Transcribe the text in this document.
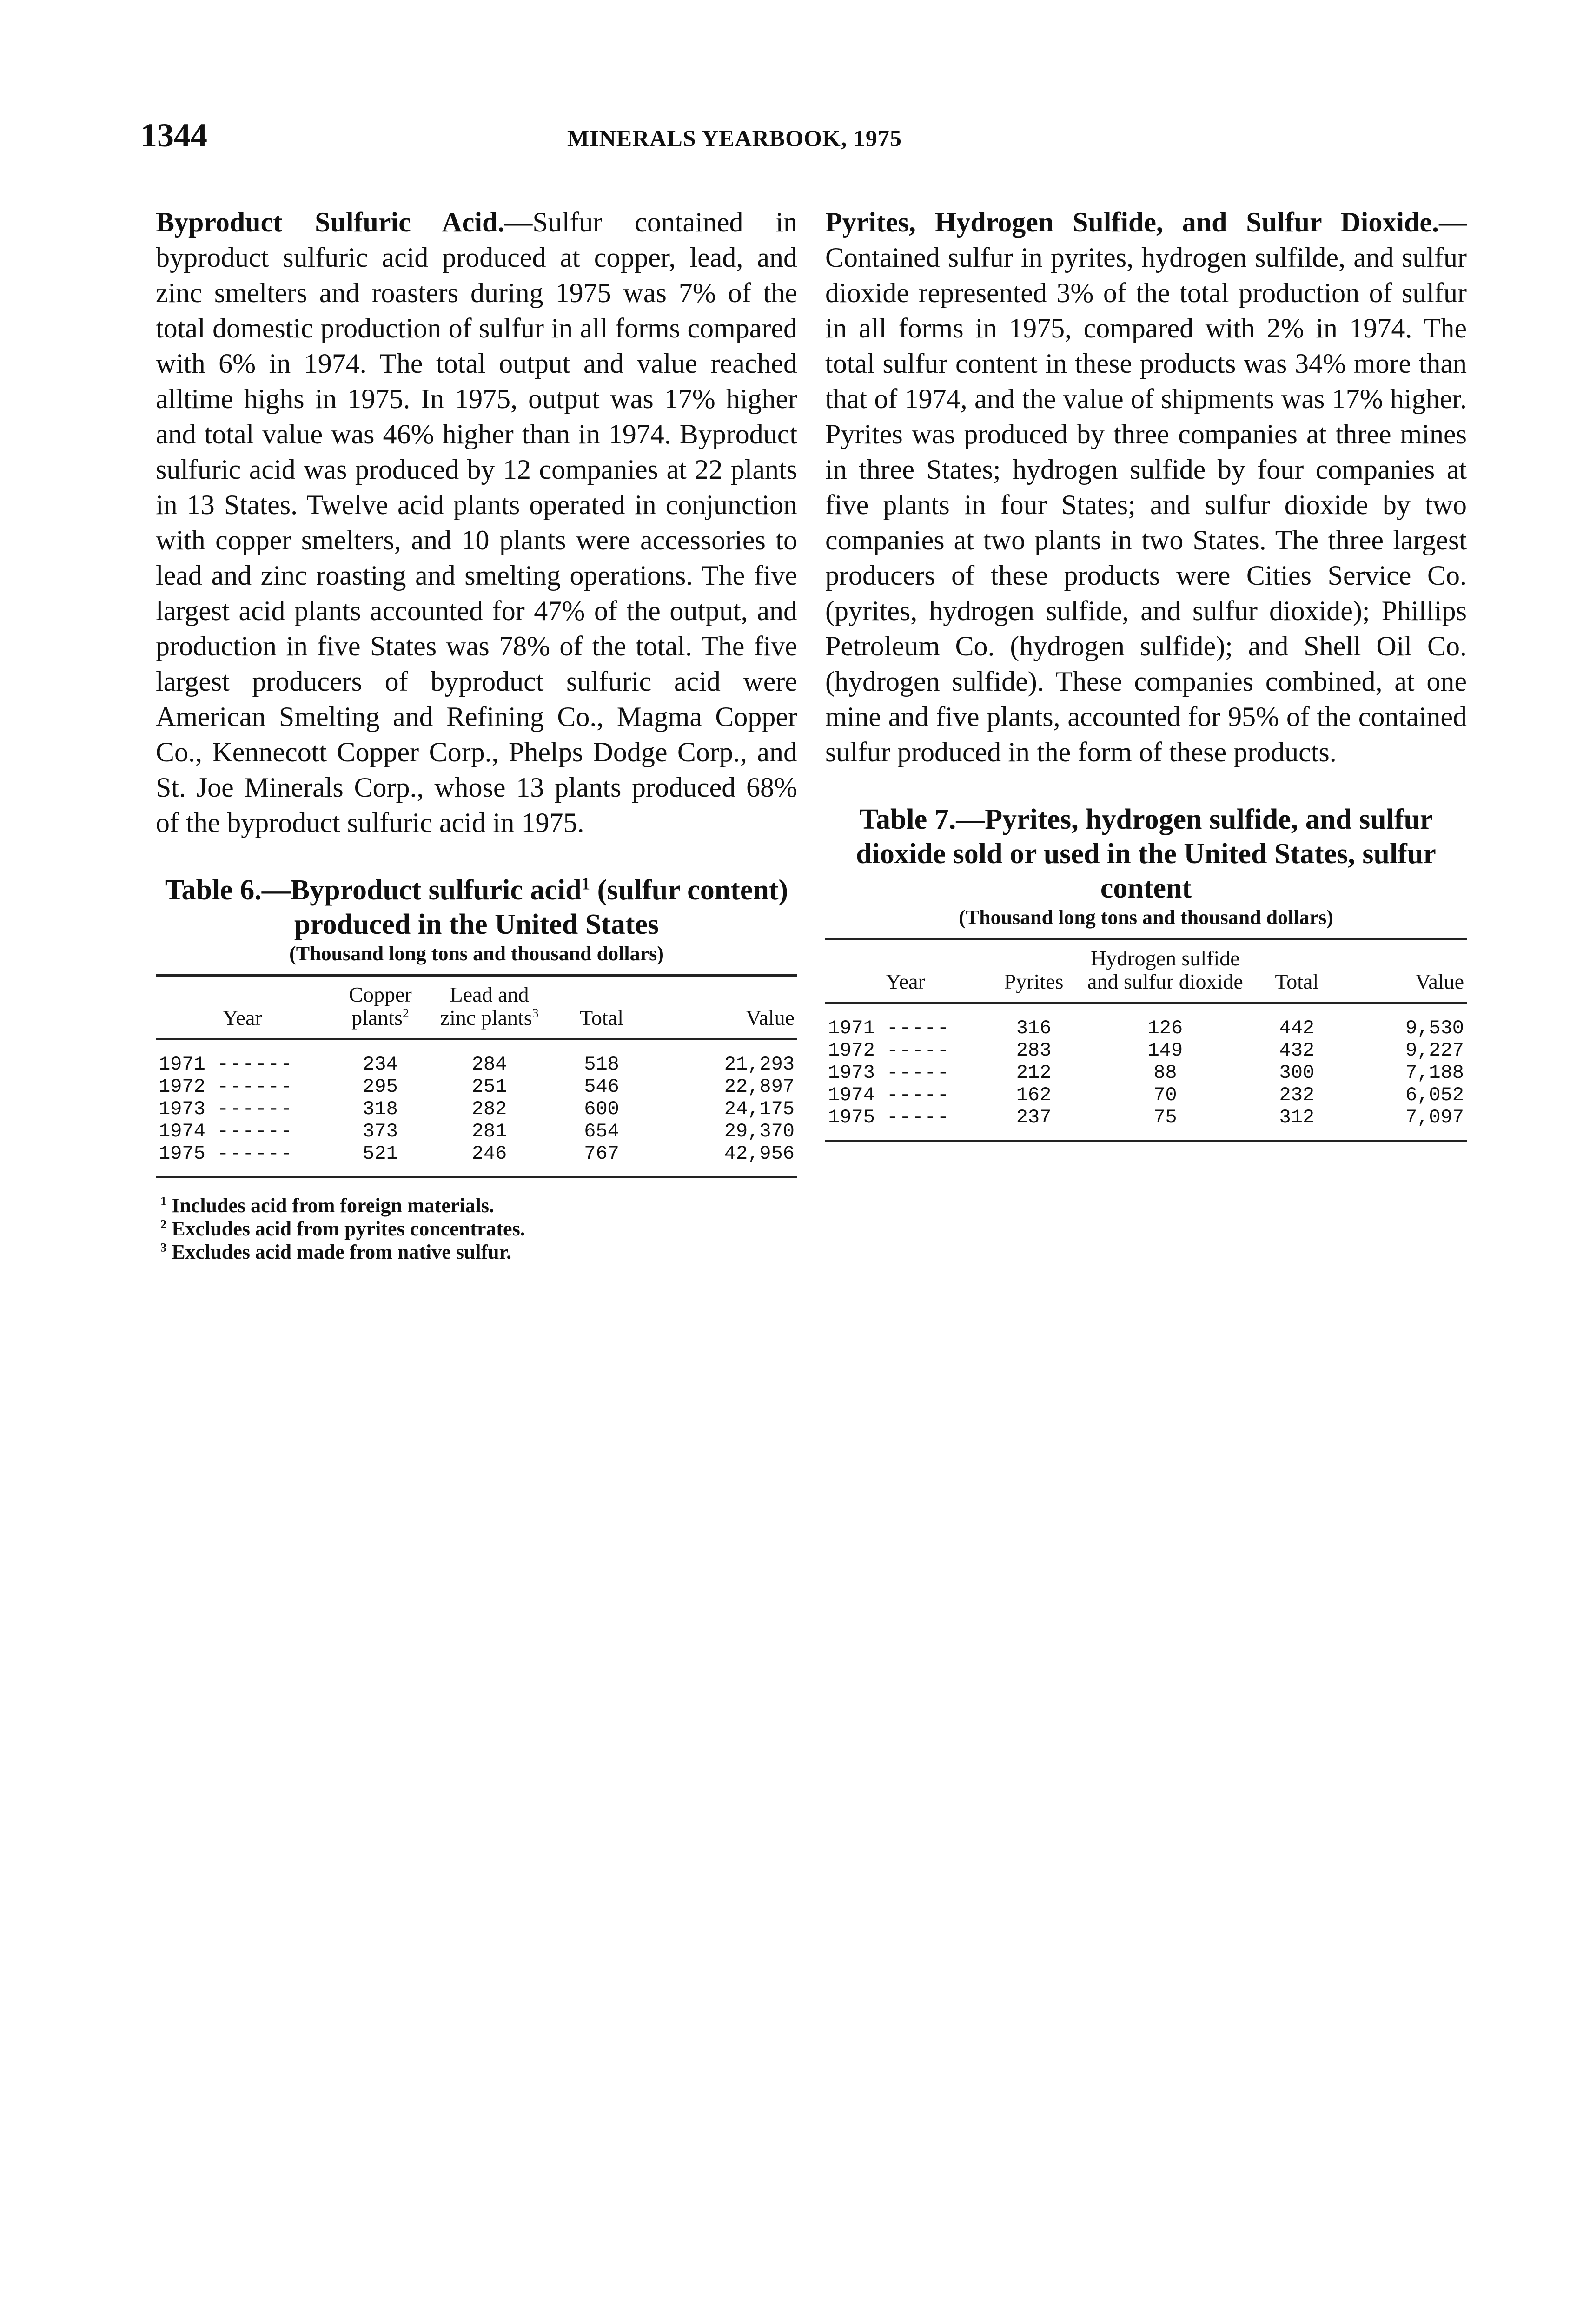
1344	MINERALS YEARBOOK, 1975

Byproduct Sulfuric Acid.—Sulfur contained in byproduct sulfuric acid produced at copper, lead, and zinc smelters and roasters during 1975 was 7% of the total domestic production of sulfur in all forms compared with 6% in 1974. The total output and value reached alltime highs in 1975. In 1975, output was 17% higher and total value was 46% higher than in 1974. Byproduct sulfuric acid was produced by 12 companies at 22 plants in 13 States. Twelve acid plants operated in conjunction with copper smelters, and 10 plants were accessories to lead and zinc roasting and smelting operations. The five largest acid plants accounted for 47% of the output, and production in five States was 78% of the total. The five largest producers of byproduct sulfuric acid were American Smelting and Refining Co., Magma Copper Co., Kennecott Copper Corp., Phelps Dodge Corp., and St. Joe Minerals Corp., whose 13 plants produced 68% of the byproduct sulfuric acid in 1975.

Table 6.—Byproduct sulfuric acid$^1$ (sulfur content) produced in the United States
(Thousand long tons and thousand dollars)
Year	Copper plants$^2$	Lead and zinc plants$^3$	Total	Value
1971 ------	234	284	518	21,293
1972 ------	295	251	546	22,897
1973 ------	318	282	600	24,175
1974 ------	373	281	654	29,370
1975 ------	521	246	767	42,956
$^1$ Includes acid from foreign materials.
$^2$ Excludes acid from pyrites concentrates.
$^3$ Excludes acid made from native sulfur.

Pyrites, Hydrogen Sulfide, and Sulfur Dioxide.—Contained sulfur in pyrites, hydrogen sulfilde, and sulfur dioxide represented 3% of the total production of sulfur in all forms in 1975, compared with 2% in 1974. The total sulfur content in these products was 34% more than that of 1974, and the value of shipments was 17% higher. Pyrites was produced by three companies at three mines in three States; hydrogen sulfide by four companies at five plants in four States; and sulfur dioxide by two companies at two plants in two States. The three largest producers of these products were Cities Service Co. (pyrites, hydrogen sulfide, and sulfur dioxide); Phillips Petroleum Co. (hydrogen sulfide); and Shell Oil Co. (hydrogen sulfide). These companies combined, at one mine and five plants, accounted for 95% of the contained sulfur produced in the form of these products.

Table 7.—Pyrites, hydrogen sulfide, and sulfur dioxide sold or used in the United States, sulfur content
(Thousand long tons and thousand dollars)
Year	Pyrites	Hydrogen sulfide and sulfur dioxide	Total	Value
1971 -----	316	126	442	9,530
1972 -----	283	149	432	9,227
1973 -----	212	88	300	7,188
1974 -----	162	70	232	6,052
1975 -----	237	75	312	7,097
